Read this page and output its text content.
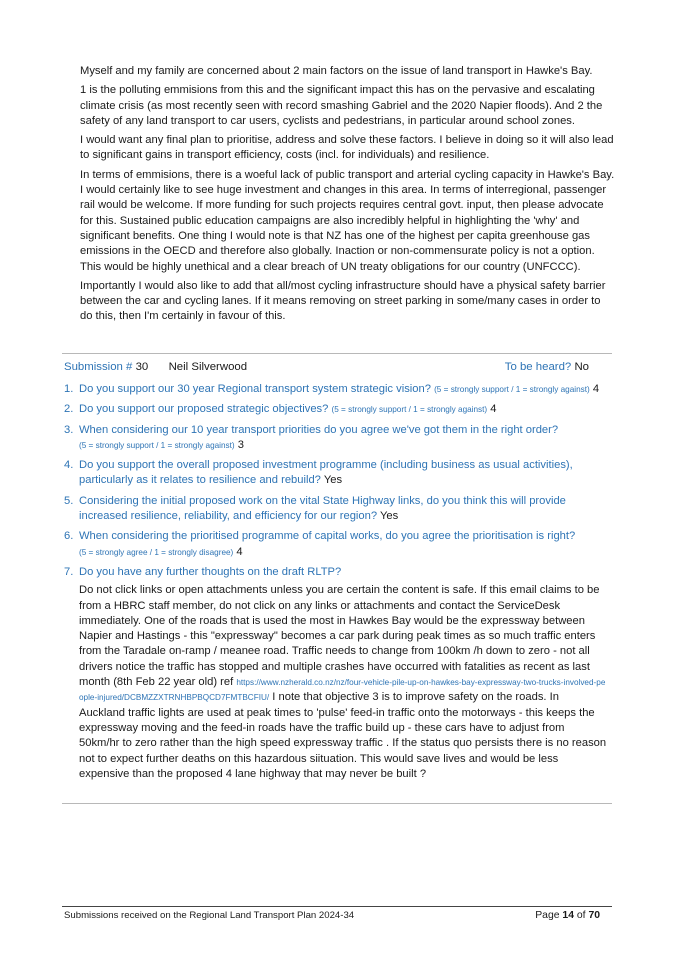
Myself and my family are concerned about 2 main factors on the issue of land transport in Hawke's Bay.

1 is the polluting emmisions from this and the significant impact this has on the pervasive and escalating climate crisis (as most recently seen with record smashing Gabriel and the 2020 Napier floods). And 2 the safety of any land transport to car users, cyclists and pedestrians, in particular around school zones.

I would want any final plan to prioritise, address and solve these factors. I believe in doing so it will also lead to significant gains in transport efficiency, costs (incl. for individuals) and resilience.

In terms of emmisions, there is a woeful lack of public transport and arterial cycling capacity in Hawke's Bay. I would certainly like to see huge investment and changes in this area. In terms of interregional, passenger rail would be welcome. If more funding for such projects requires central govt. input, then please advocate for this. Sustained public education campaigns are also incredibly helpful in highlighting the 'why' and significant benefits. One thing I would note is that NZ has one of the highest per capita greenhouse gas emissions in the OECD and therefore also globally. Inaction or non-commensurate policy is not a option. This would be highly unethical and a clear breach of UN treaty obligations for our country (UNFCCC).

Importantly I would also like to add that all/most cycling infrastructure should have a physical safety barrier between the car and cycling lanes. If it means removing on street parking in some/many cases in order to do this, then I'm certainly in favour of this.

Submission # 30 Neil Silverwood	To be heard? No
1. Do you support our 30 year Regional transport system strategic vision? (5 = strongly support / 1 = strongly against) 4
2. Do you support our proposed strategic objectives? (5 = strongly support / 1 = strongly against) 4
3. When considering our 10 year transport priorities do you agree we've got them in the right order?
(5 = strongly support / 1 = strongly against) 3
4. Do you support the overall proposed investment programme (including business as usual activities), particularly as it relates to resilience and rebuild? Yes
5. Considering the initial proposed work on the vital State Highway links, do you think this will provide increased resilience, reliability, and efficiency for our region? Yes
6. When considering the prioritised programme of capital works, do you agree the prioritisation is right?
(5 = strongly agree / 1 = strongly disagree) 4
7. Do you have any further thoughts on the draft RLTP?
Do not click links or open attachments unless you are certain the content is safe. If this email claims to be from a HBRC staff member, do not click on any links or attachments and contact the ServiceDesk immediately. One of the roads that is used the most in Hawkes Bay would be the expressway between Napier and Hastings - this "expressway" becomes a car park during peak times as so much traffic enters from the Taradale on-ramp / meanee road. Traffic needs to change from 100km /h down to zero - not all drivers notice the traffic has stopped and multiple crashes have occurred with fatalities as recent as last month (8th Feb 22 year old) ref https://www.nzherald.co.nz/nz/four-vehicle-pile-up-on-hawkes-bay-expressway-two-trucks-involved-people-injured/DCBMZZXTRNHBPBQCD7FMTBCFIU/ I note that objective 3 is to improve safety on the roads. In Auckland traffic lights are used at peak times to 'pulse' feed-in traffic onto the motorways - this keeps the expressway moving and the feed-in roads have the traffic build up - these cars have to adjust from 50km/hr to zero rather than the high speed expressway traffic . If the status quo persists there is no reason not to expect further deaths on this hazardous siituation. This would save lives and would be less expensive than the proposed 4 lane highway that may never be built ?
Submissions received on the Regional Land Transport Plan 2024-34	Page 14 of 70
